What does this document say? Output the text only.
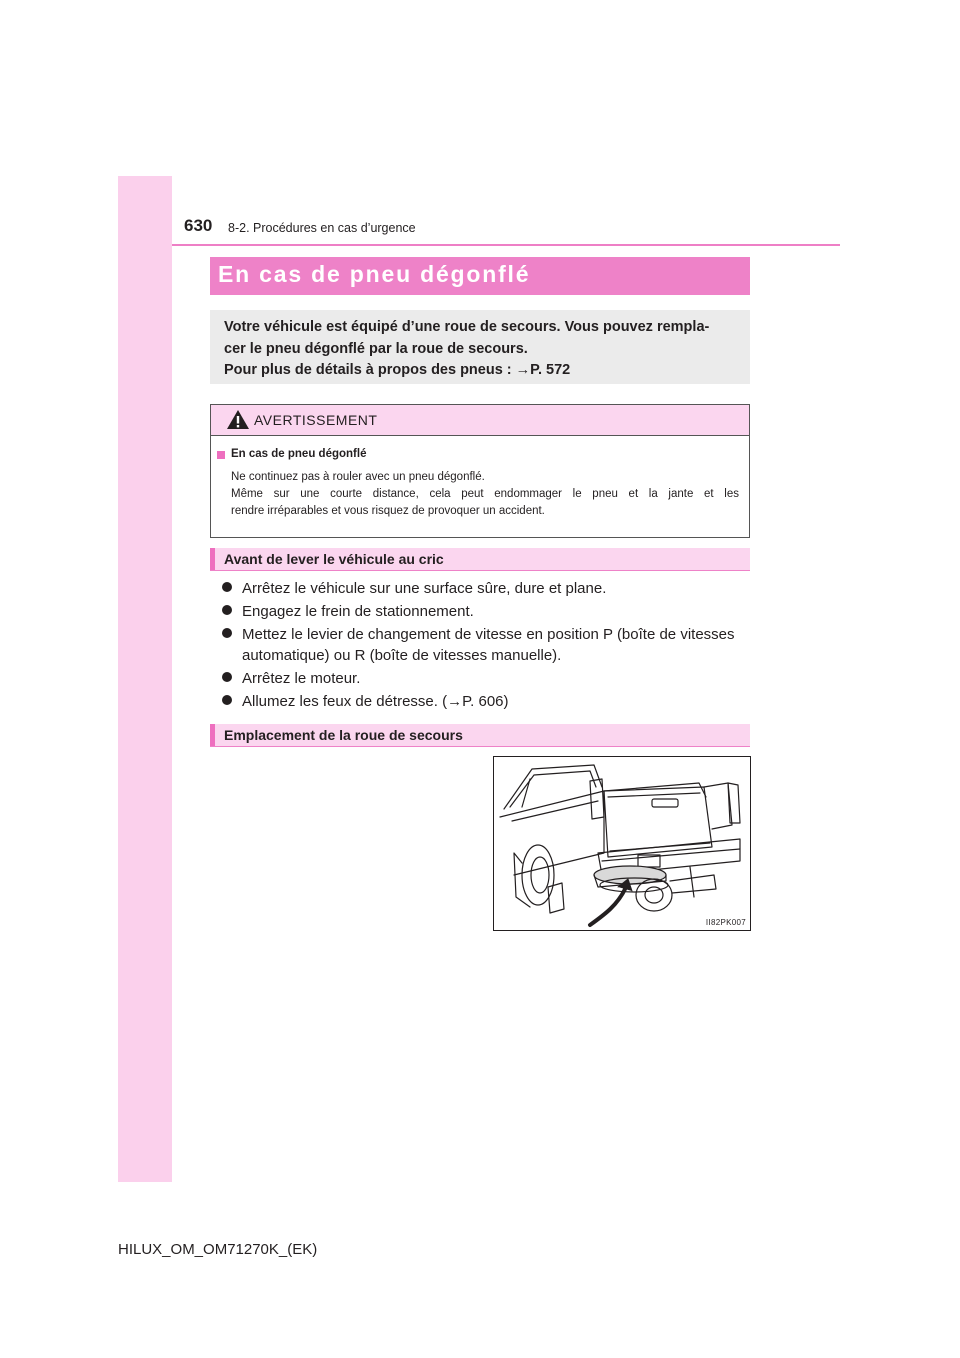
630 8-2. Procédures en cas d’urgence
En cas de pneu dégonflé
Votre véhicule est équipé d’une roue de secours. Vous pouvez rempla-
cer le pneu dégonflé par la roue de secours.
Pour plus de détails à propos des pneus : →P. 572
AVERTISSEMENT
En cas de pneu dégonflé
Ne continuez pas à rouler avec un pneu dégonflé.
Même sur une courte distance, cela peut endommager le pneu et la jante et les
rendre irréparables et vous risquez de provoquer un accident.
Avant de lever le véhicule au cric
Arrêtez le véhicule sur une surface sûre, dure et plane.
Engagez le frein de stationnement.
Mettez le levier de changement de vitesse en position P (boîte de vitesses
automatique) ou R (boîte de vitesses manuelle).
Arrêtez le moteur.
Allumez les feux de détresse. (→P. 606)
Emplacement de la roue de secours
II82PK007
HILUX_OM_OM71270K_(EK)
